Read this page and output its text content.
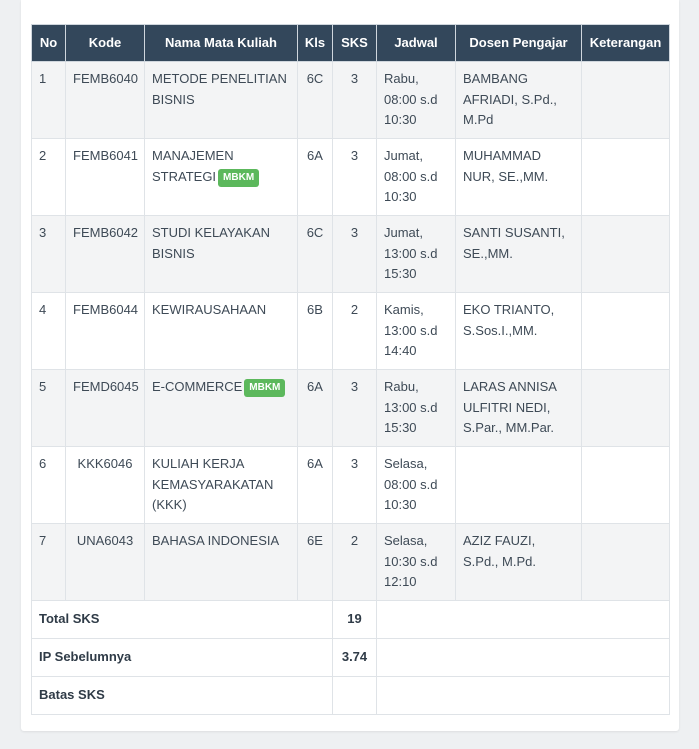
No	Kode	Nama Mata Kuliah	Kls	SKS	Jadwal	Dosen Pengajar	Keterangan
1	FEMB6040	METODE PENELITIAN BISNIS	6C	3	Rabu, 08:00 s.d 10:30	BAMBANG AFRIADI, S.Pd., M.Pd	
2	FEMB6041	MANAJEMEN STRATEGI MBKM	6A	3	Jumat, 08:00 s.d 10:30	MUHAMMAD NUR, SE.,MM.	
3	FEMB6042	STUDI KELAYAKAN BISNIS	6C	3	Jumat, 13:00 s.d 15:30	SANTI SUSANTI, SE.,MM.	
4	FEMB6044	KEWIRAUSAHAAN	6B	2	Kamis, 13:00 s.d 14:40	EKO TRIANTO, S.Sos.I.,MM.	
5	FEMD6045	E-COMMERCE MBKM	6A	3	Rabu, 13:00 s.d 15:30	LARAS ANNISA ULFITRI NEDI, S.Par., MM.Par.	
6	KKK6046	KULIAH KERJA KEMASYARAKATAN (KKK)	6A	3	Selasa, 08:00 s.d 10:30		
7	UNA6043	BAHASA INDONESIA	6E	2	Selasa, 10:30 s.d 12:10	AZIZ FAUZI, S.Pd., M.Pd.	
Total SKS				19			
IP Sebelumnya				3.74			
Batas SKS							
